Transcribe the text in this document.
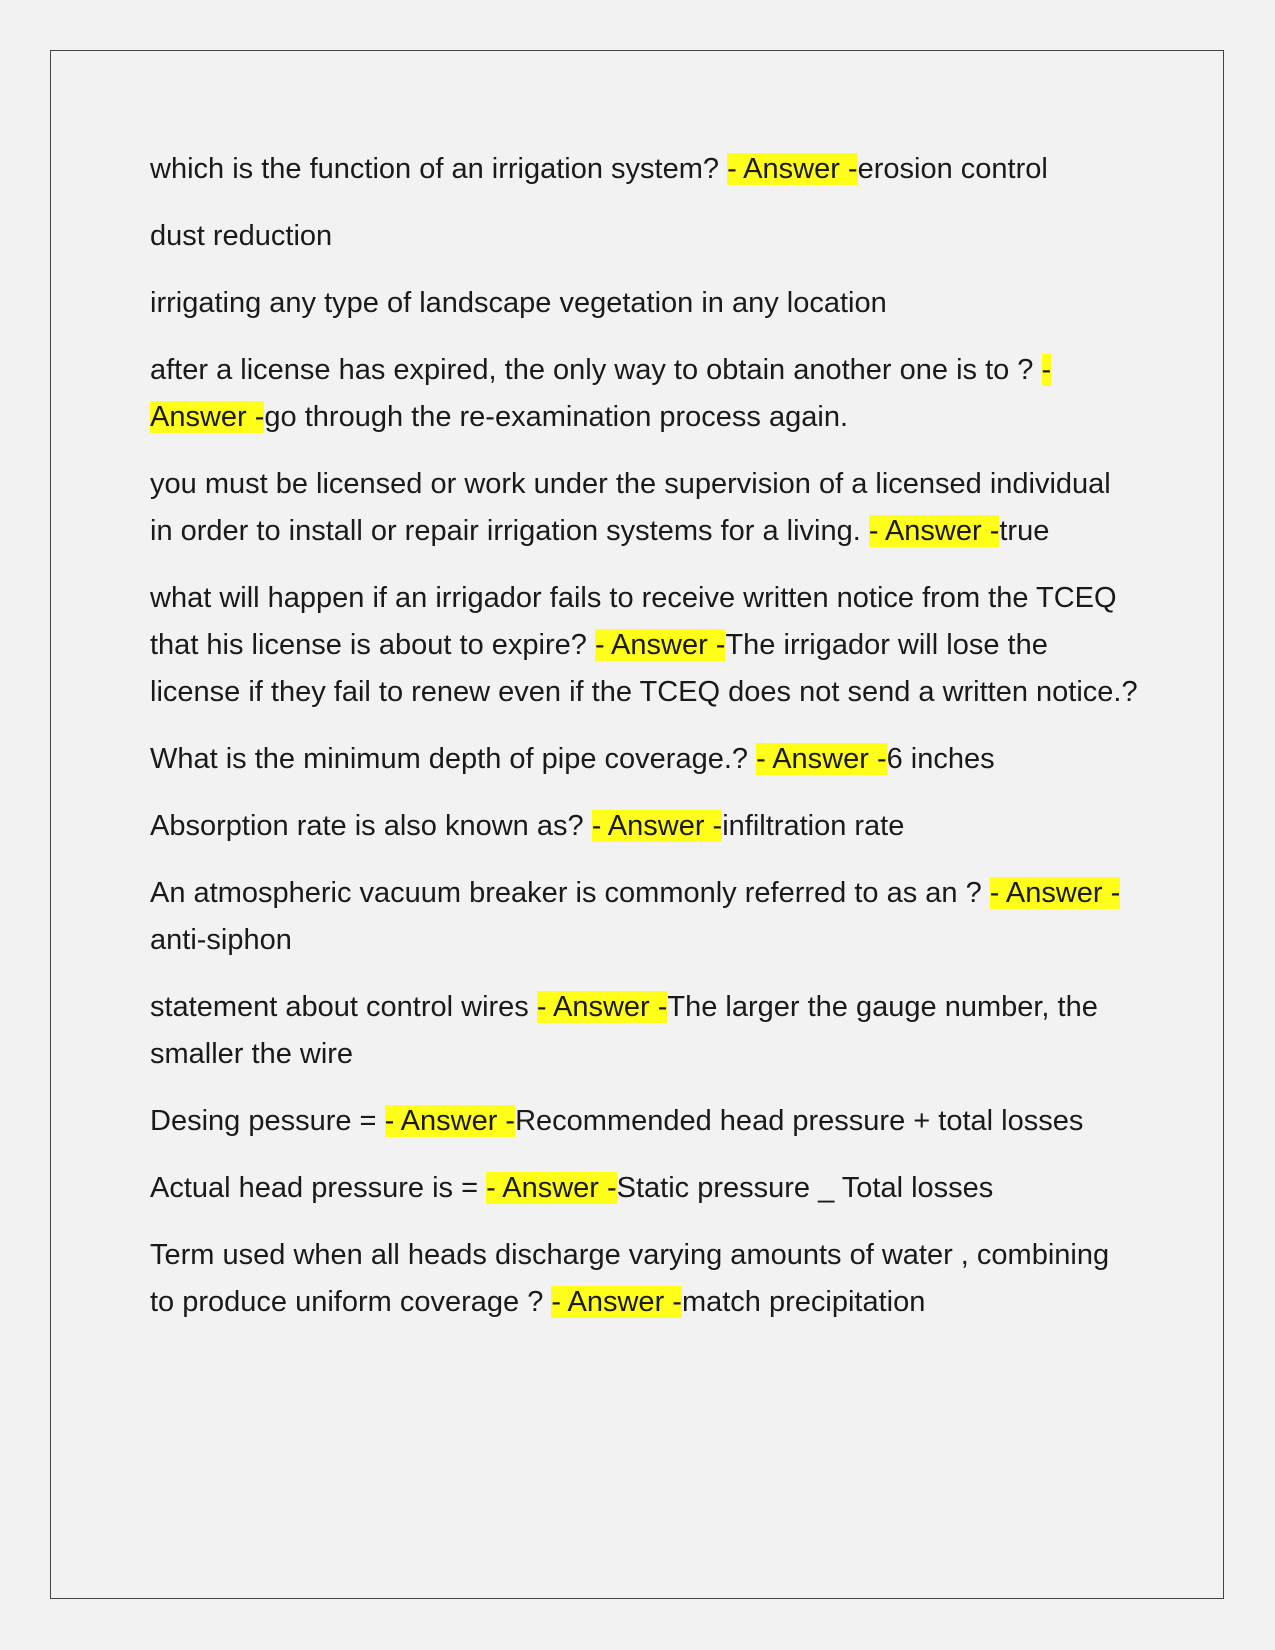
which is the function of an irrigation system? - Answer -erosion control

dust reduction

irrigating any type of landscape vegetation in any location

after a license has expired, the only way to obtain another one is to ? - Answer -go through the re-examination process again.

you must be licensed or work under the supervision of a licensed individual in order to install or repair irrigation systems for a living. - Answer -true

what will happen if an irrigador fails to receive written notice from the TCEQ that his license is about to expire? - Answer -The irrigador will lose the license if they fail to renew even if the TCEQ does not send a written notice.?

What is the minimum depth of pipe coverage.? - Answer -6 inches

Absorption rate is also known as? - Answer -infiltration rate

An atmospheric vacuum breaker is commonly referred to as an ? - Answer -anti-siphon

statement about control wires - Answer -The larger the gauge number, the smaller the wire

Desing pessure = - Answer -Recommended head pressure + total losses

Actual head pressure is = - Answer -Static pressure _ Total losses

Term used when all heads discharge varying amounts of water , combining to produce uniform coverage ? - Answer -match precipitation
